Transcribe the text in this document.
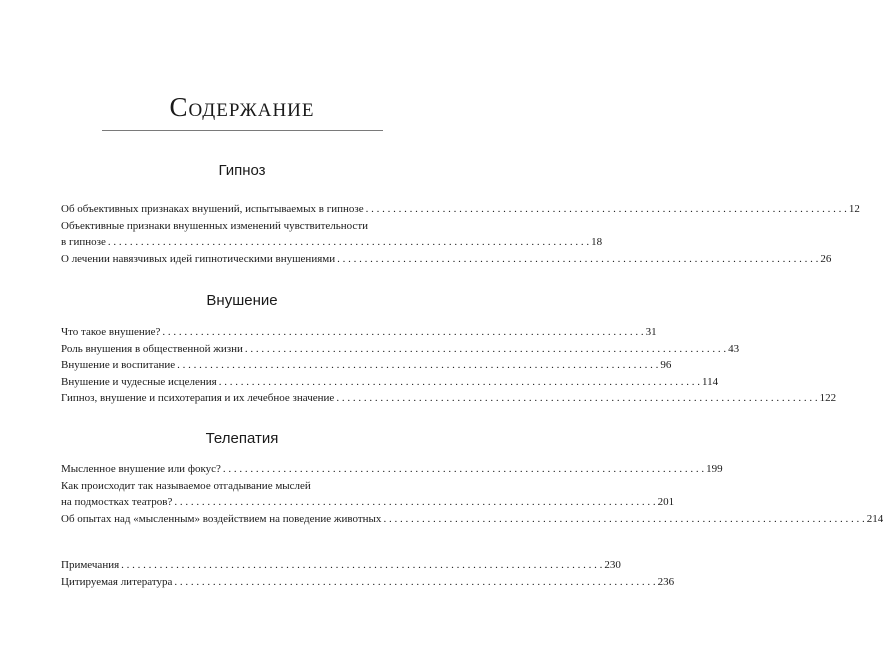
Содержание
Гипноз
Об объективных признаках внушений, испытываемых в гипнозе . . .	12
Объективные признаки внушенных изменений чувствительности
в гипнозе . . .	18
О лечении навязчивых идей гипнотическими внушениями . . .	26
Внушение
Что такое внушение? . . .	31
Роль внушения в общественной жизни . . .	43
Внушение и воспитание . . .	96
Внушение и чудесные исцеления . . .	114
Гипноз, внушение и психотерапия и их лечебное значение . . .	122
Телепатия
Мысленное внушение или фокус? . . .	199
Как происходит так называемое отгадывание мыслей
на подмостках театров? . . .	201
Об опытах над «мысленным» воздействием на поведение животных . . .	214
Примечания . . .	230
Цитируемая литература . . .	236
